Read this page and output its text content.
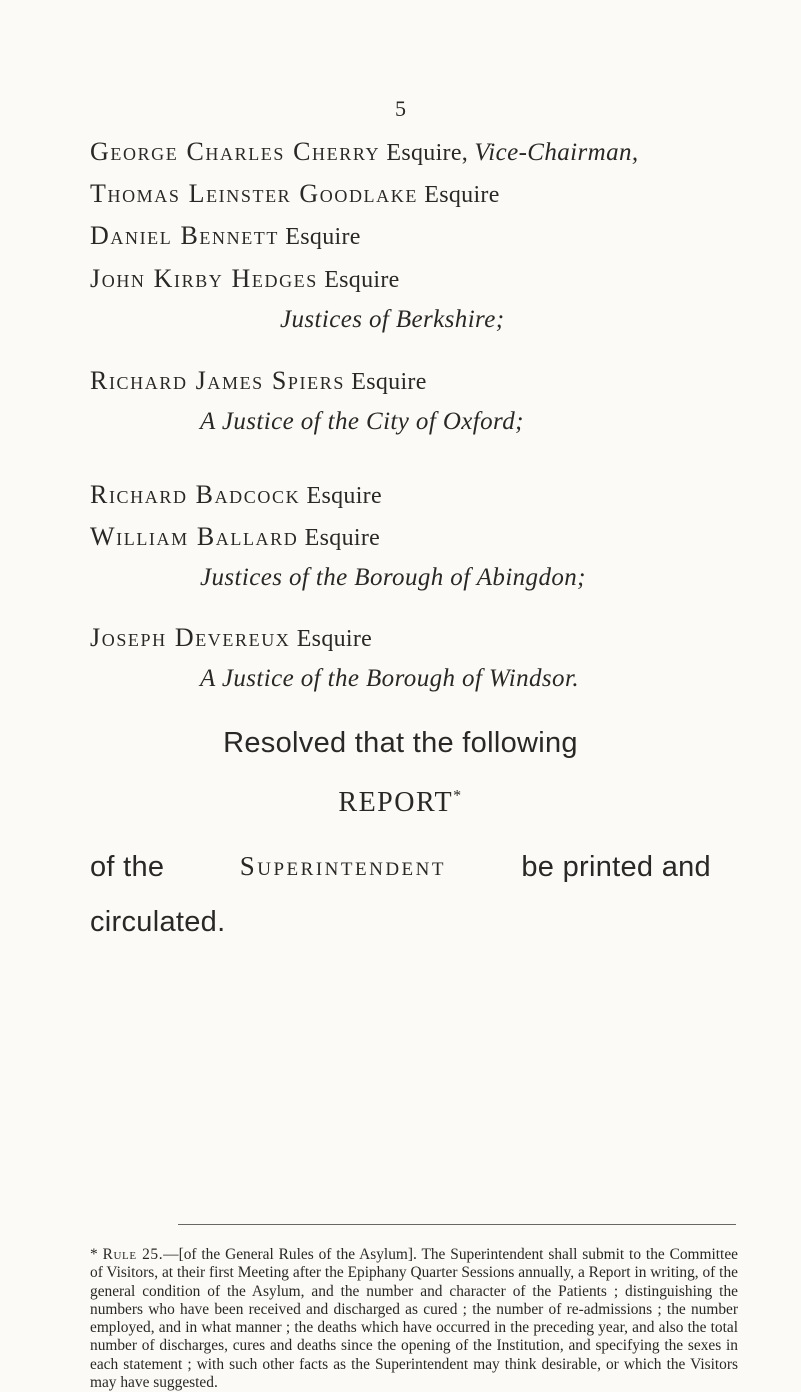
5
George Charles Cherry Esquire, Vice-Chairman,
Thomas Leinster Goodlake Esquire
Daniel Bennett Esquire
John Kirby Hedges Esquire
Justices of Berkshire;
Richard James Spiers Esquire
A Justice of the City of Oxford;
Richard Badcock Esquire
William Ballard Esquire
Justices of the Borough of Abingdon;
Joseph Devereux Esquire
A Justice of the Borough of Windsor.
Resolved that the following
REPORT*
of the	Superintendent	be printed and
circulated.
* Rule 25.—[of the General Rules of the Asylum]. The Superintendent shall submit to the Committee of Visitors, at their first Meeting after the Epiphany Quarter Sessions annually, a Report in writing, of the general condition of the Asylum, and the number and character of the Patients ; distinguishing the numbers who have been received and discharged as cured ; the number of re-admissions ; the number employed, and in what manner ; the deaths which have occurred in the preceding year, and also the total number of discharges, cures and deaths since the opening of the Institution, and specifying the sexes in each statement ; with such other facts as the Superintendent may think desirable, or which the Visitors may have suggested.
